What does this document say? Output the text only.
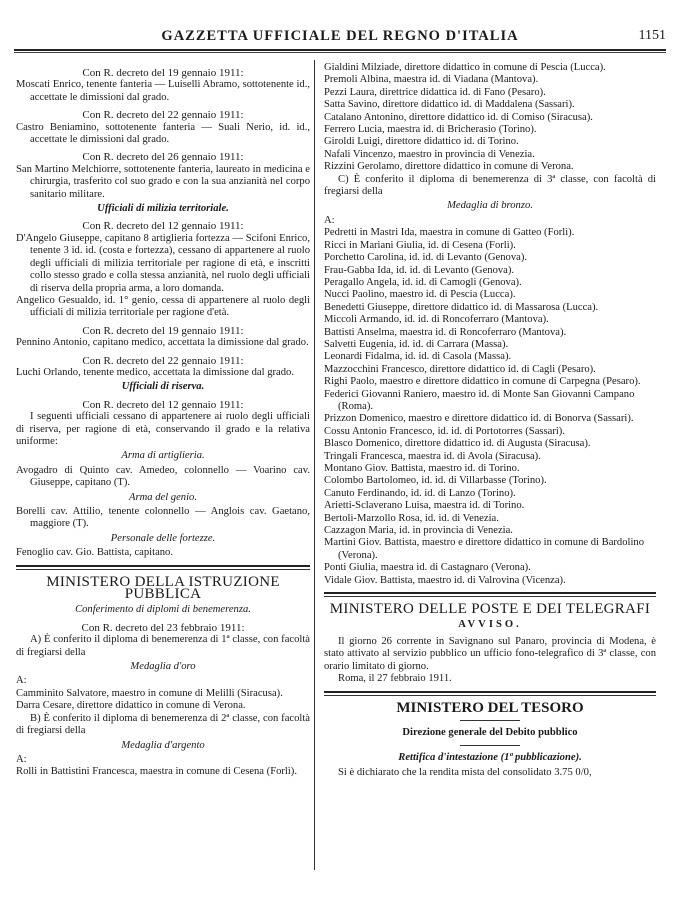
GAZZETTA UFFICIALE DEL REGNO D'ITALIA	1151

Con R. decreto del 19 gennaio 1911:

Moscati Enrico, tenente fanteria — Luiselli Abramo, sottotenente id., accettate le dimissioni dal grado.

Con R. decreto del 22 gennaio 1911:

Castro Beniamino, sottotenente fanteria — Suali Nerio, id. id., accettate le dimissioni dal grado.

Con R. decreto del 26 gennaio 1911:

San Martino Melchiorre, sottotenente fanteria, laureato in medicina e chirurgia, trasferito col suo grado e con la sua anzianità nel corpo sanitario militare.

Ufficiali di milizia territoriale.

Con R. decreto del 12 gennaio 1911:

D'Angelo Giuseppe, capitano 8 artiglieria fortezza — Scifoni Enrico, tenente 3 id. id. (costa e fortezza), cessano di appartenere al ruolo degli ufficiali di milizia territoriale per ragione di età, e inscritti collo stesso grado e colla stessa anzianità, nel ruolo degli ufficiali di riserva della propria arma, a loro domanda.

Angelico Gesualdo, id. 1° genio, cessa di appartenere al ruolo degli ufficiali di milizia territoriale per ragione d'età.

Con R. decreto del 19 gennaio 1911:

Pennino Antonio, capitano medico, accettata la dimissione dal grado.

Con R. decreto del 22 gennaio 1911:

Luchi Orlando, tenente medico, accettata la dimissione dal grado.

Ufficiali di riserva.

Con R. decreto del 12 gennaio 1911:

I seguenti ufficiali cessano di appartenere ai ruolo degli ufficiali di riserva, per ragione di età, conservando il grado e la relativa uniforme:

Arma di artiglieria.

Avogadro di Quinto cav. Amedeo, colonnello — Voarino cav. Giuseppe, capitano (T).

Arma del genio.

Borelli cav. Attilio, tenente colonnello — Anglois cav. Gaetano, maggiore (T).

Personale delle fortezze.

Fenoglio cav. Gio. Battista, capitano.

MINISTERO DELLA ISTRUZIONE PUBBLICA

Conferimento di diplomi di benemerenza.

Con R. decreto del 23 febbraio 1911:

A) È conferito il diploma di benemerenza di 1ª classe, con facoltà di fregiarsi della

Medaglia d'oro

A:

Camminito Salvatore, maestro in comune di Melilli (Siracusa).

Darra Cesare, direttore didattico in comune di Verona.

B) È conferito il diploma di benemerenza di 2ª classe, con facoltà di fregiarsi della

Medaglia d'argento

A:

Rolli in Battistini Francesca, maestra in comune di Cesena (Forlì).

Gialdini Milziade, direttore didattico in comune di Pescia (Lucca).

Premoli Albina, maestra id. di Viadana (Mantova).

Pezzi Laura, direttrice didattica id. di Fano (Pesaro).

Satta Savino, direttore didattico id. di Maddalena (Sassari).

Catalano Antonino, direttore didattico id. di Comiso (Siracusa).

Ferrero Lucia, maestra id. di Bricherasio (Torino).

Giroldi Luigi, direttore didattico id. di Torino.

Nafali Vincenzo, maestro in provincia di Venezia.

Rizzini Gerolamo, direttore didattico in comune di Verona.

C) È conferito il diploma di benemerenza di 3ª classe, con facoltà di fregiarsi della

Medaglia di bronzo.

A:

Pedretti in Mastri Ida, maestra in comune di Gatteo (Forlì).

Ricci in Mariani Giulia, id. di Cesena (Forlì).

Porchetto Carolina, id. id. di Levanto (Genova).

Frau-Gabba Ida, id. id. di Levanto (Genova).

Peragallo Angela, id. id. di Camogli (Genova).

Nucci Paolino, maestro id. di Pescia (Lucca).

Benedetti Giuseppe, direttore didattico id. di Massarosa (Lucca).

Miccoli Armando, id. id. di Roncoferraro (Mantova).

Battisti Anselma, maestra id. di Roncoferraro (Mantova).

Salvetti Eugenia, id. id. di Carrara (Massa).

Leonardi Fidalma, id. id. di Casola (Massa).

Mazzocchini Francesco, direttore didattico id. di Cagli (Pesaro).

Righi Paolo, maestro e direttore didattico in comune di Carpegna (Pesaro).

Federici Giovanni Raniero, maestro id. di Monte San Giovanni Campano (Roma).

Prizzon Domenico, maestro e direttore didattico id. di Bonorva (Sassari).

Cossu Antonio Francesco, id. id. di Portotorres (Sassari).

Blasco Domenico, direttore didattico id. di Augusta (Siracusa).

Tringali Francesca, maestra id. di Avola (Siracusa).

Montano Giov. Battista, maestro id. di Torino.

Colombo Bartolomeo, id. id. di Villarbasse (Torino).

Canuto Ferdinando, id. id. di Lanzo (Torino).

Arietti-Sclaverano Luisa, maestra id. di Torino.

Bertoli-Marzollo Rosa, id. id. di Venezia.

Cazzagon Maria, id. in provincia di Venezia.

Martini Giov. Battista, maestro e direttore didattico in comune di Bardolino (Verona).

Ponti Giulia, maestra id. di Castagnaro (Verona).

Vidale Giov. Battista, maestro id. di Valrovina (Vicenza).

MINISTERO DELLE POSTE E DEI TELEGRAFI

AVVISO.

Il giorno 26 corrente in Savignano sul Panaro, provincia di Modena, è stato attivato al servizio pubblico un ufficio fono-telegrafico di 3ª classe, con orario limitato di giorno.

Roma, il 27 febbraio 1911.

MINISTERO DEL TESORO

Direzione generale del Debito pubblico

Rettifica d'intestazione (1ª pubblicazione).

Si è dichiarato che la rendita mista del consolidato 3.75 0/0,
